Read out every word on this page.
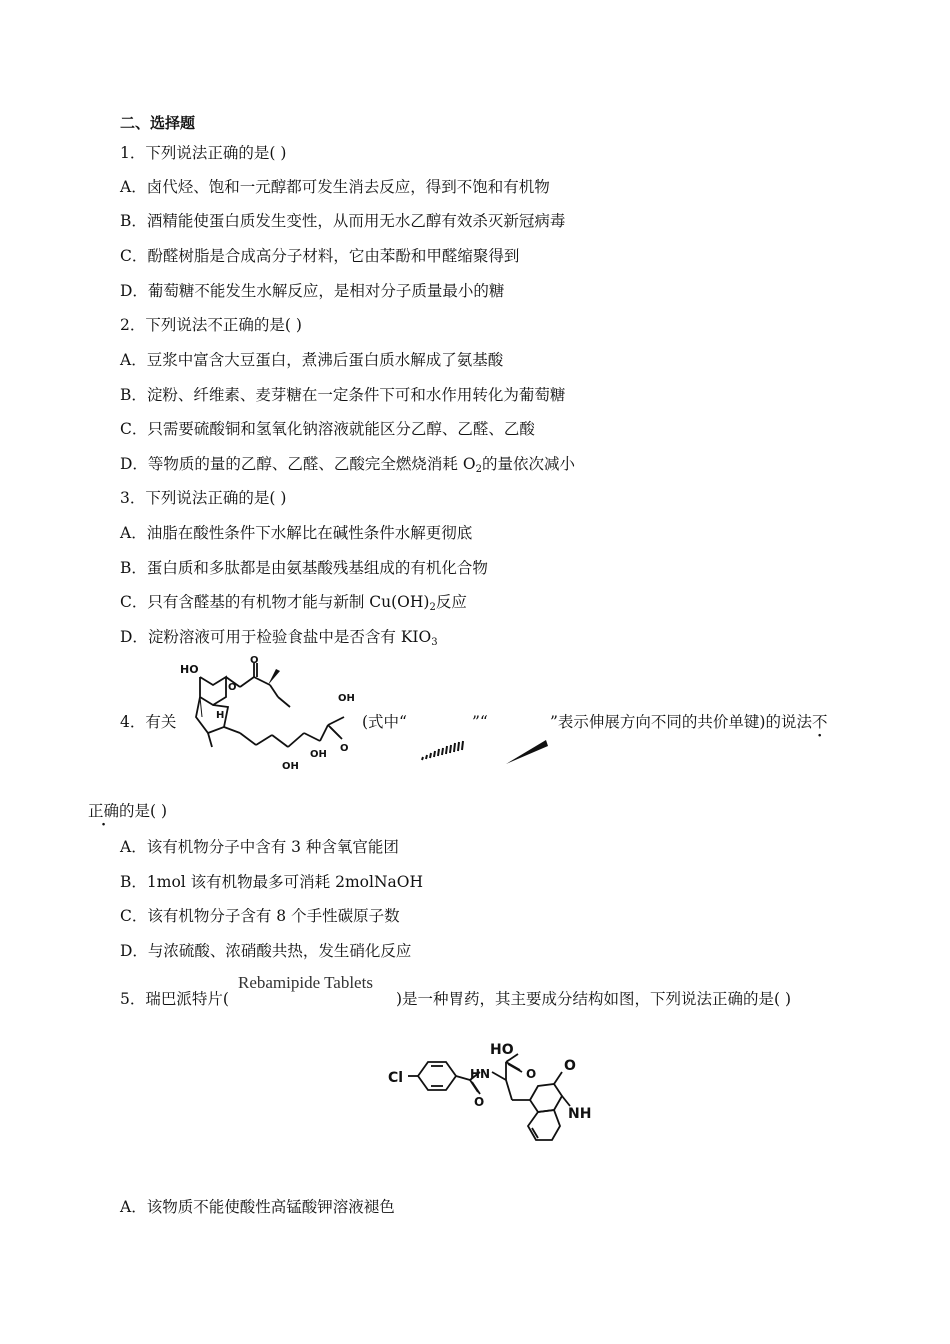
二、选择题
1．下列说法正确的是( )
A．卤代烃、饱和一元醇都可发生消去反应，得到不饱和有机物
B．酒精能使蛋白质发生变性，从而用无水乙醇有效杀灭新冠病毒
C．酚醛树脂是合成高分子材料，它由苯酚和甲醛缩聚得到
D．葡萄糖不能发生水解反应，是相对分子质量最小的糖
2．下列说法不正确的是( )
A．豆浆中富含大豆蛋白，煮沸后蛋白质水解成了氨基酸
B．淀粉、纤维素、麦芽糖在一定条件下可和水作用转化为葡萄糖
C．只需要硫酸铜和氢氧化钠溶液就能区分乙醇、乙醛、乙酸
D．等物质的量的乙醇、乙醛、乙酸完全燃烧消耗 $O_2$的量依次减小
3．下列说法正确的是( )
A．油脂在酸性条件下水解比在碱性条件水解更彻底
B．蛋白质和多肽都是由氨基酸残基组成的有机化合物
C．只有含醛基的有机物才能与新制 $Cu(OH)_2$反应
D．淀粉溶液可用于检验食盐中是否含有 $KIO_3$
4．有关
HO
O
O
H
OH
O
OH
OH
(式中“	”“	”表示伸展方向不同的共价单键)的说法不
正确的是( )
A．该有机物分子中含有 3 种含氧官能团
B．1mol 该有机物最多可消耗 2molNaOH
C．该有机物分子含有 8 个手性碳原子数
D．与浓硫酸、浓硝酸共热，发生硝化反应
5．瑞巴派特片(
Rebamipide Tablets
)是一种胃药，其主要成分结构如图，下列说法正确的是( )
Cl	HN
O
HO
O O
NH
A．该物质不能使酸性高锰酸钾溶液褪色
